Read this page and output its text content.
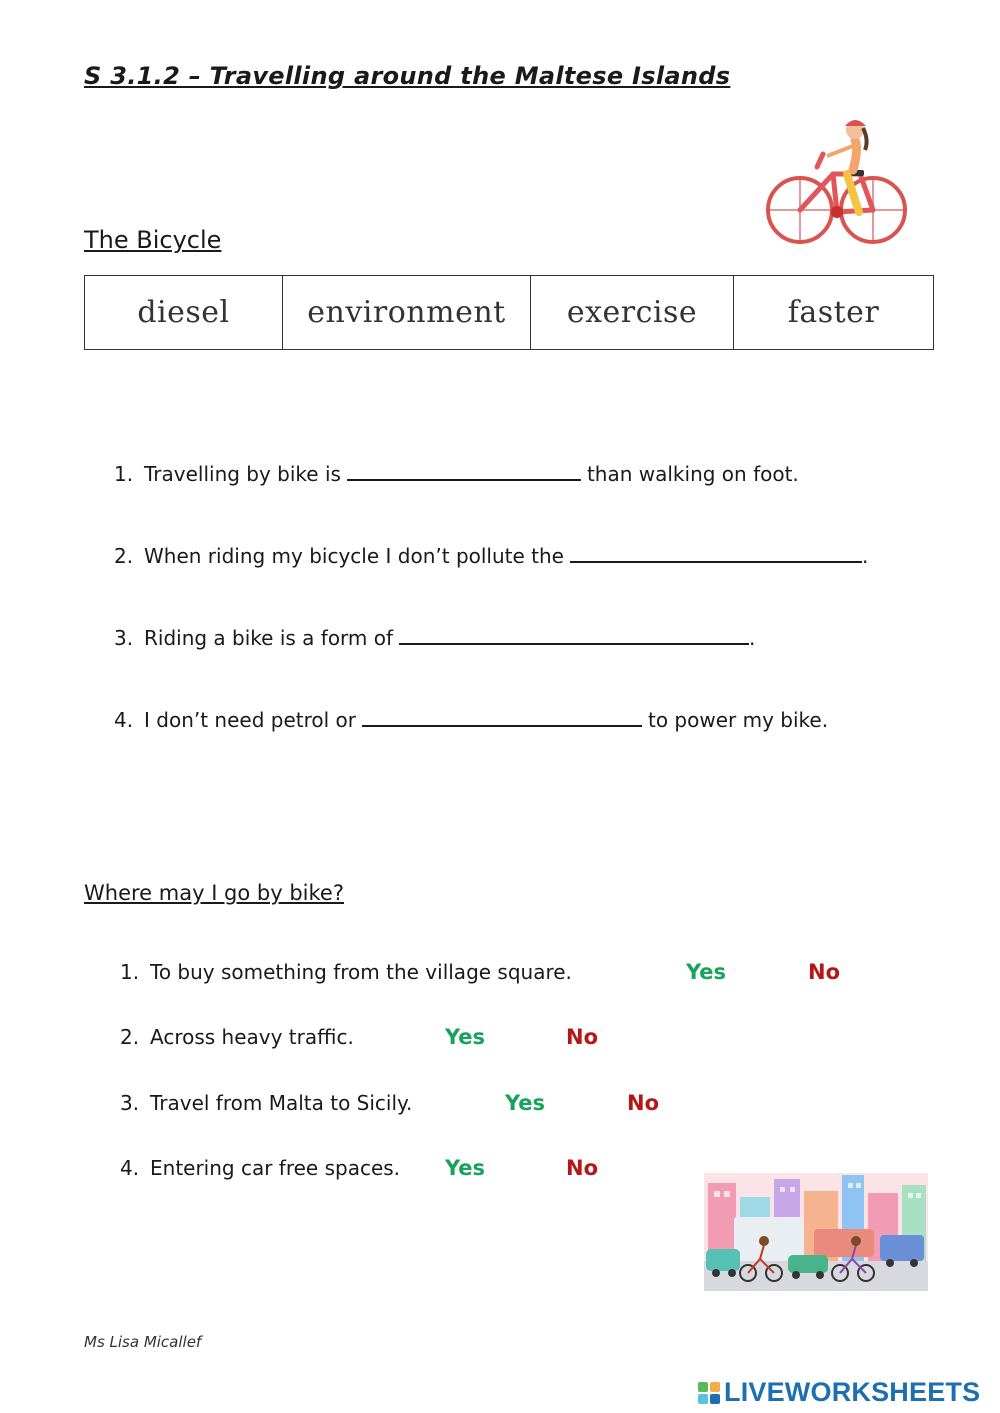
S 3.1.2 – Travelling around the Maltese Islands
The Bicycle
diesel	environment	exercise	faster
1. Travelling by bike is	than walking on foot.
2. When riding my bicycle I don’t pollute the	.
3. Riding a bike is a form of	.
4. I don’t need petrol or	to power my bike.
Where may I go by bike?
1. To buy something from the village square.	Yes	No
2. Across heavy traffic.	Yes	No
3. Travel from Malta to Sicily.	Yes	No
4. Entering car free spaces. Yes	No
Ms Lisa Micallef
LIVEWORKSHEETS
